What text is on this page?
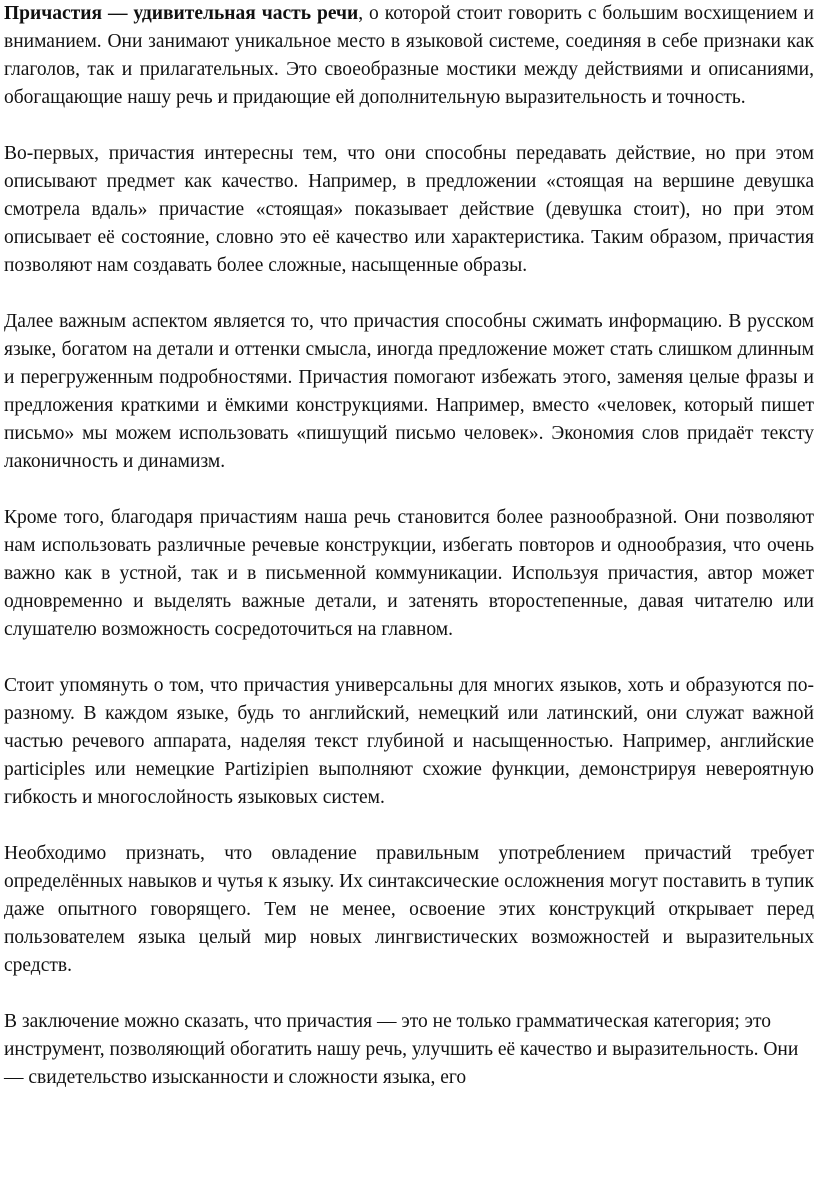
Причастия — удивительная часть речи, о которой стоит говорить с большим восхищением и вниманием. Они занимают уникальное место в языковой системе, соединяя в себе признаки как глаголов, так и прилагательных. Это своеобразные мостики между действиями и описаниями, обогащающие нашу речь и придающие ей дополнительную выразительность и точность.

Во-первых, причастия интересны тем, что они способны передавать действие, но при этом описывают предмет как качество. Например, в предложении «стоящая на вершине девушка смотрела вдаль» причастие «стоящая» показывает действие (девушка стоит), но при этом описывает её состояние, словно это её качество или характеристика. Таким образом, причастия позволяют нам создавать более сложные, насыщенные образы.

Далее важным аспектом является то, что причастия способны сжимать информацию. В русском языке, богатом на детали и оттенки смысла, иногда предложение может стать слишком длинным и перегруженным подробностями. Причастия помогают избежать этого, заменяя целые фразы и предложения краткими и ёмкими конструкциями. Например, вместо «человек, который пишет письмо» мы можем использовать «пишущий письмо человек». Экономия слов придаёт тексту лаконичность и динамизм.

Кроме того, благодаря причастиям наша речь становится более разнообразной. Они позволяют нам использовать различные речевые конструкции, избегать повторов и однообразия, что очень важно как в устной, так и в письменной коммуникации. Используя причастия, автор может одновременно и выделять важные детали, и затенять второстепенные, давая читателю или слушателю возможность сосредоточиться на главном.

Стоит упомянуть о том, что причастия универсальны для многих языков, хоть и образуются по-разному. В каждом языке, будь то английский, немецкий или латинский, они служат важной частью речевого аппарата, наделяя текст глубиной и насыщенностью. Например, английские participles или немецкие Partizipien выполняют схожие функции, демонстрируя невероятную гибкость и многослойность языковых систем.

Необходимо признать, что овладение правильным употреблением причастий требует определённых навыков и чутья к языку. Их синтаксические осложнения могут поставить в тупик даже опытного говорящего. Тем не менее, освоение этих конструкций открывает перед пользователем языка целый мир новых лингвистических возможностей и выразительных средств.

В заключение можно сказать, что причастия — это не только грамматическая категория; это инструмент, позволяющий обогатить нашу речь, улучшить её качество и выразительность. Они — свидетельство изысканности и сложности языка, его
